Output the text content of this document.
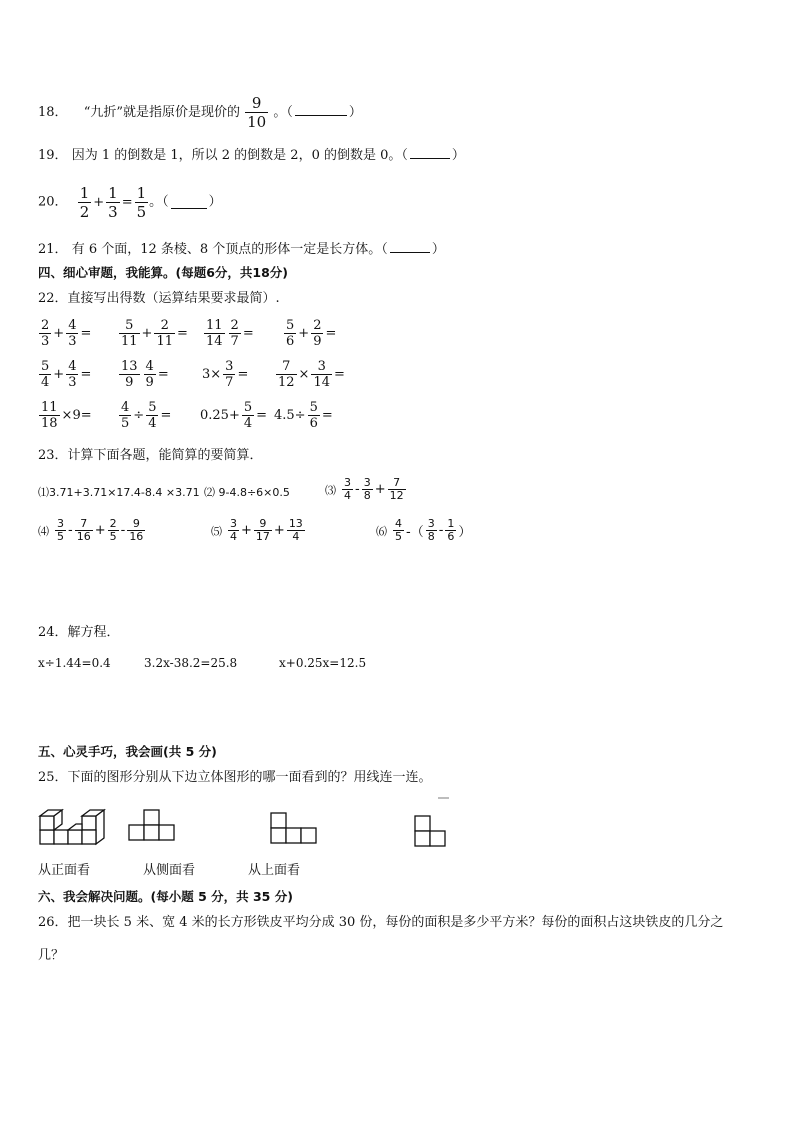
18． “九折”就是指原价是现价的 $\frac{9}{10}$ 。（	）
19． 因为 1 的倒数是 1，所以 2 的倒数是 2，0 的倒数是 0。（	）
20． $\frac{1}{2} + \frac{1}{3} = \frac{1}{5}$ 。（	）
21． 有 6 个面，12 条棱、8 个顶点的形体一定是长方体。（	）
四、细心审题，我能算。(每题6分，共18分)
22．直接写出得数（运算结果要求最简）.
$\frac{2}{3} + \frac{4}{3} = \frac{5}{11} + \frac{2}{11} = \frac{11}{14} \frac{2}{7} = \frac{5}{6} + \frac{2}{9}$ =
$\frac{5}{4} + \frac{4}{3} = \frac{13}{9} \frac{4}{9}$ =	$3\times \frac{3}{7} = \frac{7}{12} \times \frac{3}{14}$ =
$\frac{11}{18} \times 9= \frac{4}{5} \div \frac{5}{4} = 0.25+ \frac{5}{4} = 4.5\div \frac{5}{6}$ =
23．计算下面各题，能简算的要简算．
⑴3.71+3.71×17.4-8.4 ×3.71 ⑵ 9-4.8÷6×0.5	⑶ $\frac{3}{4} - \frac{3}{8} + \frac{7}{12}$
⑷ $\frac{3}{5} - \frac{7}{16} + \frac{2}{5} - \frac{9}{16}$	⑸ $\frac{3}{4} + \frac{9}{17} + \frac{13}{4}$	⑹ $\frac{4}{5}$ -（ $\frac{3}{8} - \frac{1}{6}$ ）
24．解方程．
x÷1.44=0.4	3.2x-38.2=25.8	x+0.25x=12.5
五、心灵手巧，我会画(共 5 分)
25．下面的图形分别从下边立体图形的哪一面看到的？用线连一连。
从正面看	从侧面看	从上面看
六、我会解决问题。(每小题 5 分，共 35 分)
26．把一块长 5 米、宽 4 米的长方形铁皮平均分成 30 份，每份的面积是多少平方米？每份的面积占这块铁皮的几分之
几？
